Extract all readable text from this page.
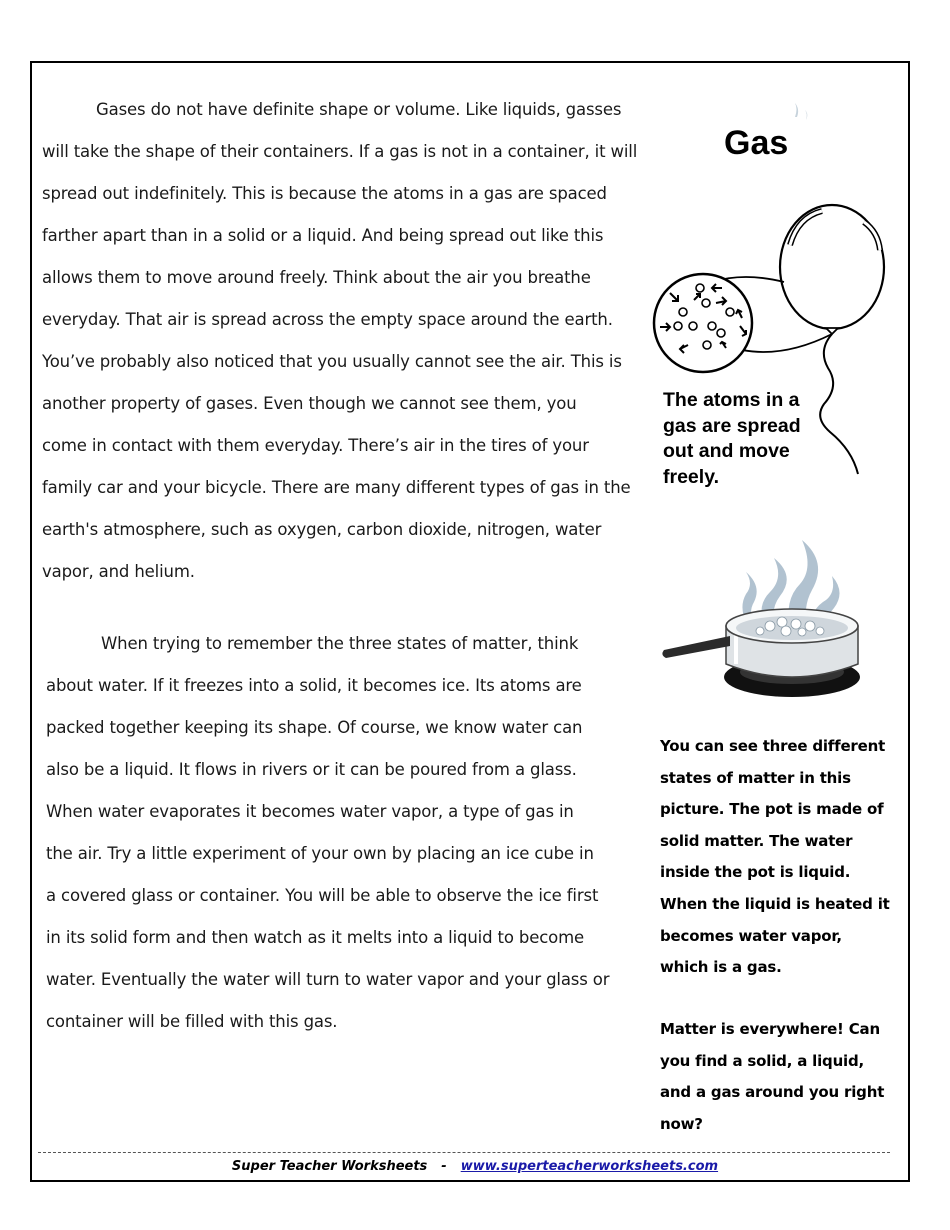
Gases do not have definite shape or volume. Like liquids, gasses
will take the shape of their containers. If a gas is not in a container, it will
spread out indefinitely. This is because the atoms in a gas are spaced
farther apart than in a solid or a liquid. And being spread out like this
allows them to move around freely. Think about the air you breathe
everyday. That air is spread across the empty space around the earth.
You’ve probably also noticed that you usually cannot see the air. This is
another property of gases. Even though we cannot see them, you
come in contact with them everyday. There’s air in the tires of your
family car and your bicycle. There are many different types of gas in the
earth's atmosphere, such as oxygen, carbon dioxide, nitrogen, water
vapor, and helium.
When trying to remember the three states of matter, think
about water. If it freezes into a solid, it becomes ice. Its atoms are
packed together keeping its shape. Of course, we know water can
also be a liquid. It flows in rivers or it can be poured from a glass.
When water evaporates it becomes water vapor, a type of gas in
the air. Try a little experiment of your own by placing an ice cube in
a covered glass or container. You will be able to observe the ice first
in its solid form and then watch as it melts into a liquid to become
water. Eventually the water will turn to water vapor and your glass or
container will be filled with this gas.
Gas
The atoms in a
gas are spread
out and move
freely.
You can see three different
states of matter in this
picture. The pot is made of
solid matter. The water
inside the pot is liquid.
When the liquid is heated it
becomes water vapor,
which is a gas.
Matter is everywhere! Can
you find a solid, a liquid,
and a gas around you right
now?
Super Teacher Worksheets - www.superteacherworksheets.com
